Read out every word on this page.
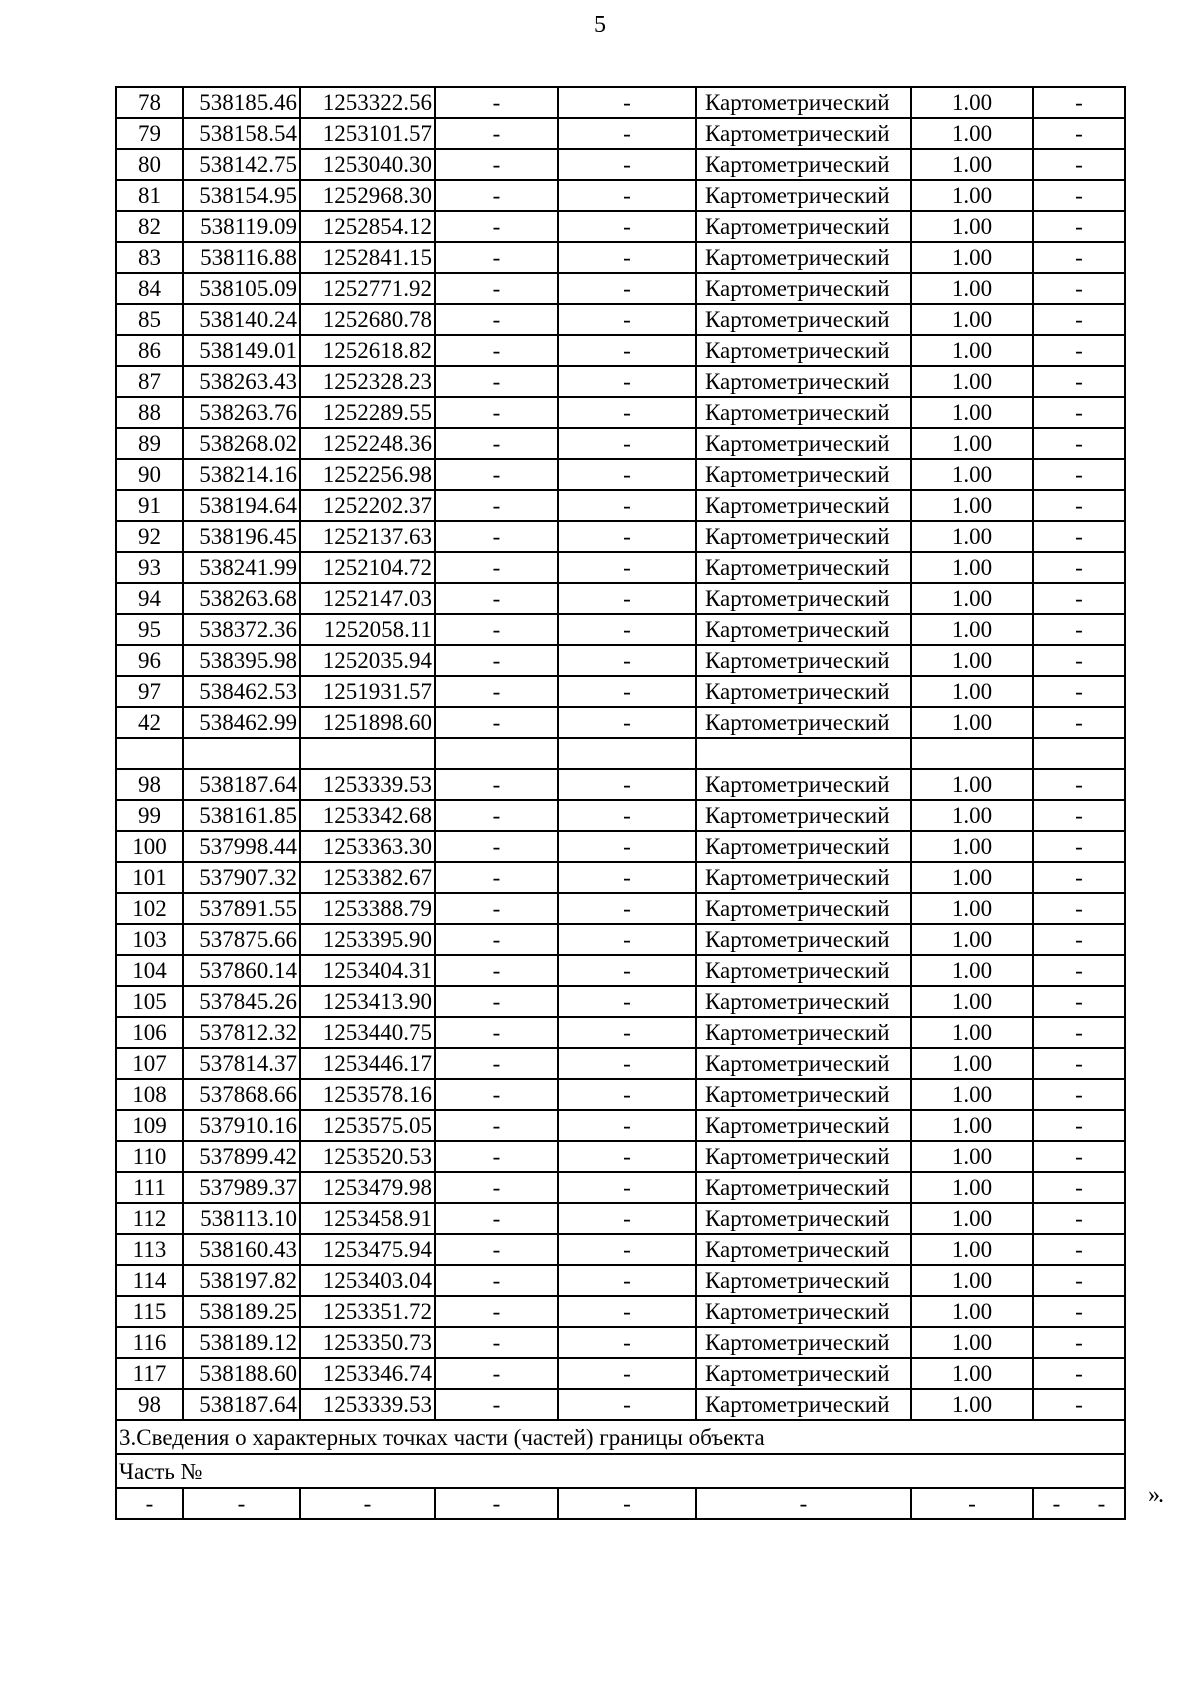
5
78	538185.46	1253322.56	-	-	Картометрический	1.00	-
79	538158.54	1253101.57	-	-	Картометрический	1.00	-
80	538142.75	1253040.30	-	-	Картометрический	1.00	-
81	538154.95	1252968.30	-	-	Картометрический	1.00	-
82	538119.09	1252854.12	-	-	Картометрический	1.00	-
83	538116.88	1252841.15	-	-	Картометрический	1.00	-
84	538105.09	1252771.92	-	-	Картометрический	1.00	-
85	538140.24	1252680.78	-	-	Картометрический	1.00	-
86	538149.01	1252618.82	-	-	Картометрический	1.00	-
87	538263.43	1252328.23	-	-	Картометрический	1.00	-
88	538263.76	1252289.55	-	-	Картометрический	1.00	-
89	538268.02	1252248.36	-	-	Картометрический	1.00	-
90	538214.16	1252256.98	-	-	Картометрический	1.00	-
91	538194.64	1252202.37	-	-	Картометрический	1.00	-
92	538196.45	1252137.63	-	-	Картометрический	1.00	-
93	538241.99	1252104.72	-	-	Картометрический	1.00	-
94	538263.68	1252147.03	-	-	Картометрический	1.00	-
95	538372.36	1252058.11	-	-	Картометрический	1.00	-
96	538395.98	1252035.94	-	-	Картометрический	1.00	-
97	538462.53	1251931.57	-	-	Картометрический	1.00	-
42	538462.99	1251898.60	-	-	Картометрический	1.00	-

98	538187.64	1253339.53	-	-	Картометрический	1.00	-
99	538161.85	1253342.68	-	-	Картометрический	1.00	-
100	537998.44	1253363.30	-	-	Картометрический	1.00	-
101	537907.32	1253382.67	-	-	Картометрический	1.00	-
102	537891.55	1253388.79	-	-	Картометрический	1.00	-
103	537875.66	1253395.90	-	-	Картометрический	1.00	-
104	537860.14	1253404.31	-	-	Картометрический	1.00	-
105	537845.26	1253413.90	-	-	Картометрический	1.00	-
106	537812.32	1253440.75	-	-	Картометрический	1.00	-
107	537814.37	1253446.17	-	-	Картометрический	1.00	-
108	537868.66	1253578.16	-	-	Картометрический	1.00	-
109	537910.16	1253575.05	-	-	Картометрический	1.00	-
110	537899.42	1253520.53	-	-	Картометрический	1.00	-
111	537989.37	1253479.98	-	-	Картометрический	1.00	-
112	538113.10	1253458.91	-	-	Картометрический	1.00	-
113	538160.43	1253475.94	-	-	Картометрический	1.00	-
114	538197.82	1253403.04	-	-	Картометрический	1.00	-
115	538189.25	1253351.72	-	-	Картометрический	1.00	-
116	538189.12	1253350.73	-	-	Картометрический	1.00	-
117	538188.60	1253346.74	-	-	Картометрический	1.00	-
98	538187.64	1253339.53	-	-	Картометрический	1.00	-
3.Сведения о характерных точках части (частей) границы объекта							
Часть №							
-	-	-	-	-	-	-	- - ».
